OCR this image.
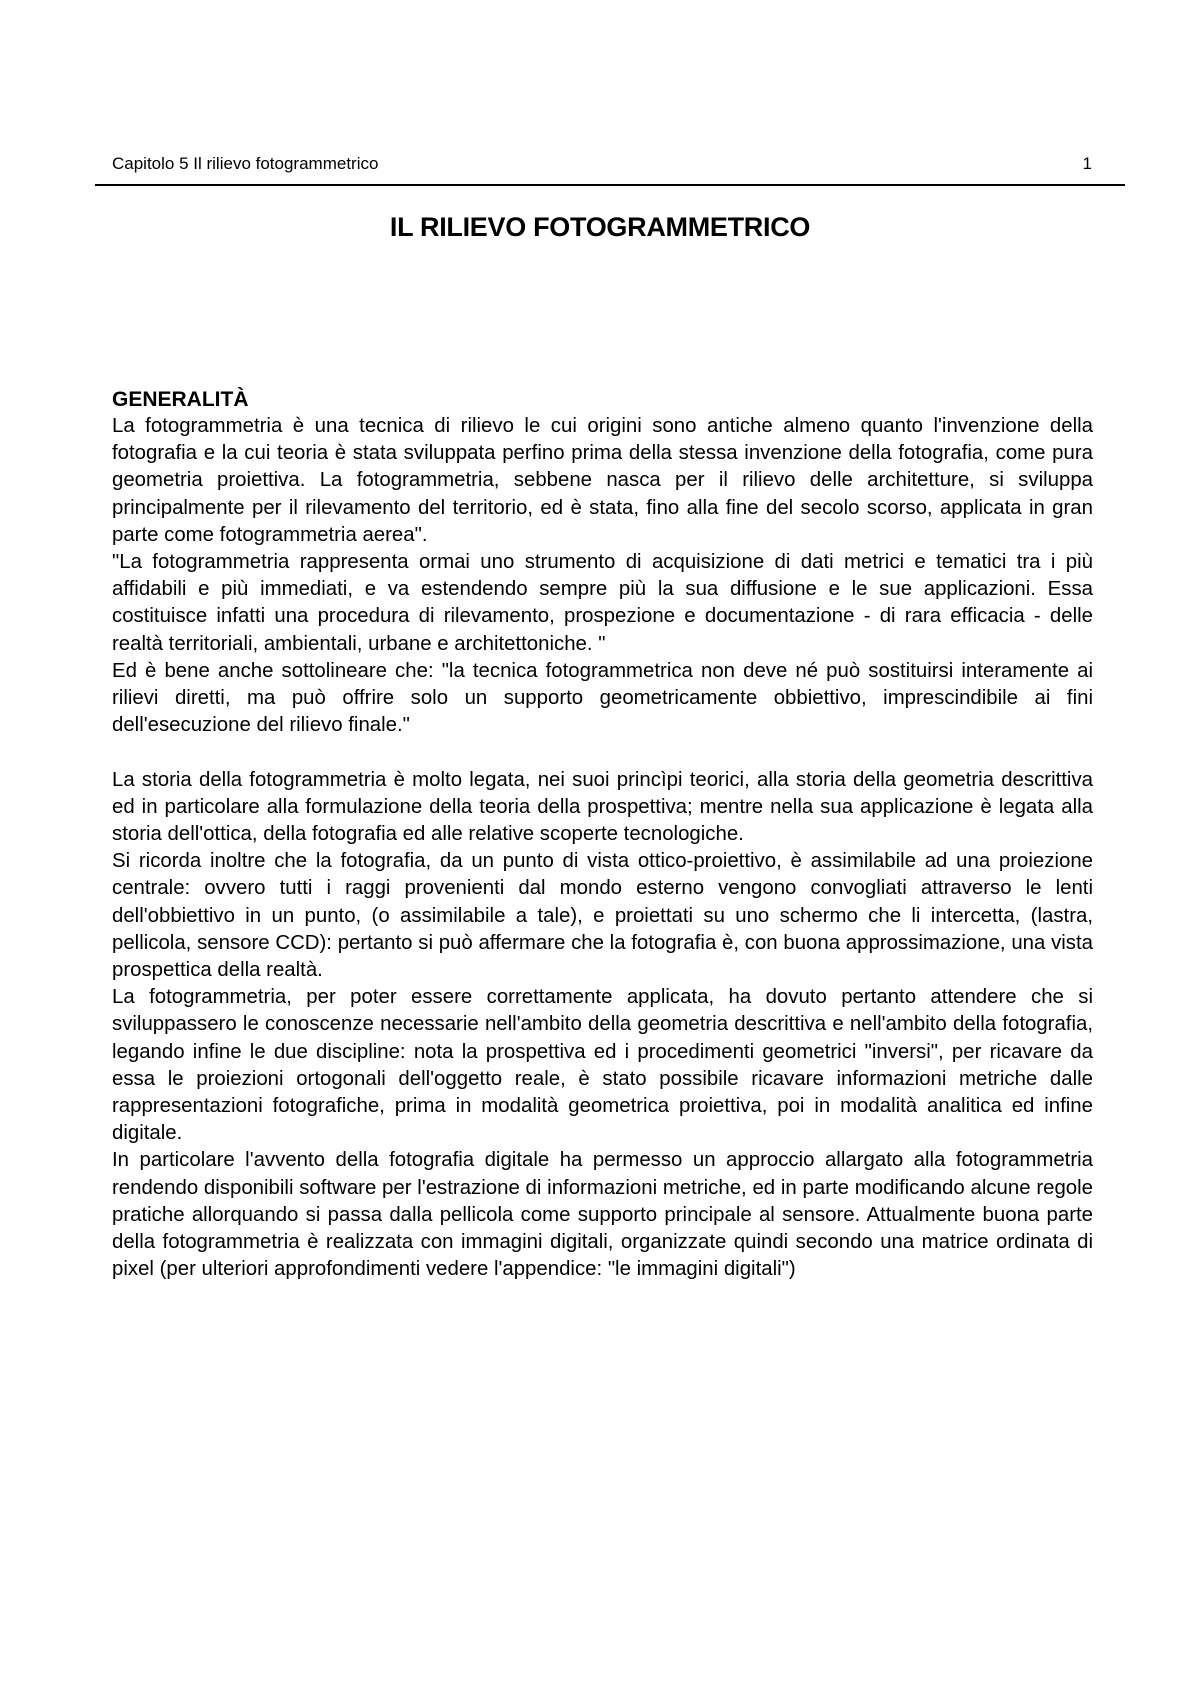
Capitolo 5 Il rilievo fotogrammetrico	1
IL RILIEVO FOTOGRAMMETRICO
GENERALITÀ

La fotogrammetria è una tecnica di rilievo le cui origini sono antiche almeno quanto l'invenzione della fotografia e la cui teoria è stata sviluppata perfino prima della stessa invenzione della fotografia, come pura geometria proiettiva. La fotogrammetria, sebbene nasca per il rilievo delle architetture, si sviluppa principalmente per il rilevamento del territorio, ed è stata, fino alla fine del secolo scorso, applicata in gran parte come fotogrammetria aerea".

"La fotogrammetria rappresenta ormai uno strumento di acquisizione di dati metrici e tematici tra i più affidabili e più immediati, e va estendendo sempre più la sua diffusione e le sue applicazioni. Essa costituisce infatti una procedura di rilevamento, prospezione e documentazione - di rara efficacia - delle realtà territoriali, ambientali, urbane e architettoniche. "

Ed è bene anche sottolineare che: "la tecnica fotogrammetrica non deve né può sostituirsi interamente ai rilievi diretti, ma può offrire solo un supporto geometricamente obbiettivo, imprescindibile ai fini dell'esecuzione del rilievo finale."

La storia della fotogrammetria è molto legata, nei suoi princìpi teorici, alla storia della geometria descrittiva ed in particolare alla formulazione della teoria della prospettiva; mentre nella sua applicazione è legata alla storia dell'ottica, della fotografia ed alle relative scoperte tecnologiche.

Si ricorda inoltre che la fotografia, da un punto di vista ottico-proiettivo, è assimilabile ad una proiezione centrale: ovvero tutti i raggi provenienti dal mondo esterno vengono convogliati attraverso le lenti dell'obbiettivo in un punto, (o assimilabile a tale), e proiettati su uno schermo che li intercetta, (lastra, pellicola, sensore CCD): pertanto si può affermare che la fotografia è, con buona approssimazione, una vista prospettica della realtà.

La fotogrammetria, per poter essere correttamente applicata, ha dovuto pertanto attendere che si sviluppassero le conoscenze necessarie nell'ambito della geometria descrittiva e nell'ambito della fotografia, legando infine le due discipline: nota la prospettiva ed i procedimenti geometrici "inversi", per ricavare da essa le proiezioni ortogonali dell'oggetto reale, è stato possibile ricavare informazioni metriche dalle rappresentazioni fotografiche, prima in modalità geometrica proiettiva, poi in modalità analitica ed infine digitale.

In particolare l'avvento della fotografia digitale ha permesso un approccio allargato alla fotogrammetria rendendo disponibili software per l'estrazione di informazioni metriche, ed in parte modificando alcune regole pratiche allorquando si passa dalla pellicola come supporto principale al sensore. Attualmente buona parte della fotogrammetria è realizzata con immagini digitali, organizzate quindi secondo una matrice ordinata di pixel (per ulteriori approfondimenti vedere l'appendice: "le immagini digitali")
